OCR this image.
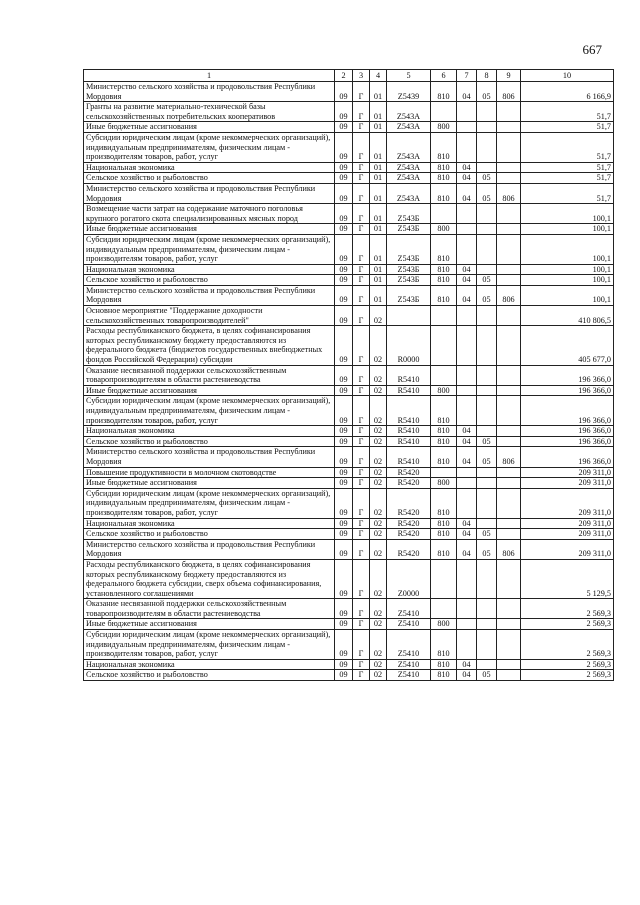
667
1	2	3	4	5	6	7	8	9	10
Министерство сельского хозяйства и продовольствия Республики Мордовия	09	Г	01	Z5439	810	04	05	806	6 166,9
Гранты на развитие материально-технической базы сельскохозяйственных потребительских кооперативов	09	Г	01	Z543А					51,7
Иные бюджетные ассигнования	09	Г	01	Z543А	800				51,7
Субсидии юридическим лицам (кроме некоммерческих организаций), индивидуальным предпринимателям, физическим лицам - производителям товаров, работ, услуг	09	Г	01	Z543А	810				51,7
Национальная экономика	09	Г	01	Z543А	810	04			51,7
Сельское хозяйство и рыболовство	09	Г	01	Z543А	810	04	05		51,7
Министерство сельского хозяйства и продовольствия Республики Мордовия	09	Г	01	Z543А	810	04	05	806	51,7
Возмещение части затрат на содержание маточного поголовья крупного рогатого скота специализированных мясных пород	09	Г	01	Z543Б					100,1
Иные бюджетные ассигнования	09	Г	01	Z543Б	800				100,1
Субсидии юридическим лицам (кроме некоммерческих организаций), индивидуальным предпринимателям, физическим лицам - производителям товаров, работ, услуг	09	Г	01	Z543Б	810				100,1
Национальная экономика	09	Г	01	Z543Б	810	04			100,1
Сельское хозяйство и рыболовство	09	Г	01	Z543Б	810	04	05		100,1
Министерство сельского хозяйства и продовольствия Республики Мордовия	09	Г	01	Z543Б	810	04	05	806	100,1
Основное мероприятие "Поддержание доходности сельскохозяйственных товаропроизводителей"	09	Г	02						410 806,5
Расходы республиканского бюджета, в целях софинансирования которых республиканскому бюджету предоставляются из федерального бюджета (бюджетов государственных внебюджетных фондов Российской Федерации) субсидии	09	Г	02	R0000					405 677,0
Оказание несвязанной поддержки сельскохозяйственным товаропроизводителям в области растениеводства	09	Г	02	R5410					196 366,0
Иные бюджетные ассигнования	09	Г	02	R5410	800				196 366,0
Субсидии юридическим лицам (кроме некоммерческих организаций), индивидуальным предпринимателям, физическим лицам - производителям товаров, работ, услуг	09	Г	02	R5410	810				196 366,0
Национальная экономика	09	Г	02	R5410	810	04			196 366,0
Сельское хозяйство и рыболовство	09	Г	02	R5410	810	04	05		196 366,0
Министерство сельского хозяйства и продовольствия Республики Мордовия	09	Г	02	R5410	810	04	05	806	196 366,0
Повышение продуктивности в молочном скотоводстве	09	Г	02	R5420					209 311,0
Иные бюджетные ассигнования	09	Г	02	R5420	800				209 311,0
Субсидии юридическим лицам (кроме некоммерческих организаций), индивидуальным предпринимателям, физическим лицам - производителям товаров, работ, услуг	09	Г	02	R5420	810				209 311,0
Национальная экономика	09	Г	02	R5420	810	04			209 311,0
Сельское хозяйство и рыболовство	09	Г	02	R5420	810	04	05		209 311,0
Министерство сельского хозяйства и продовольствия Республики Мордовия	09	Г	02	R5420	810	04	05	806	209 311,0
Расходы республиканского бюджета, в целях софинансирования которых республиканскому бюджету предоставляются из федерального бюджета субсидии, сверх объема софинансирования, установленного соглашениями	09	Г	02	Z0000					5 129,5
Оказание несвязанной поддержки сельскохозяйственным товаропроизводителям в области растениеводства	09	Г	02	Z5410					2 569,3
Иные бюджетные ассигнования	09	Г	02	Z5410	800				2 569,3
Субсидии юридическим лицам (кроме некоммерческих организаций), индивидуальным предпринимателям, физическим лицам - производителям товаров, работ, услуг	09	Г	02	Z5410	810				2 569,3
Национальная экономика	09	Г	02	Z5410	810	04			2 569,3
Сельское хозяйство и рыболовство	09	Г	02	Z5410	810	04	05		2 569,3
